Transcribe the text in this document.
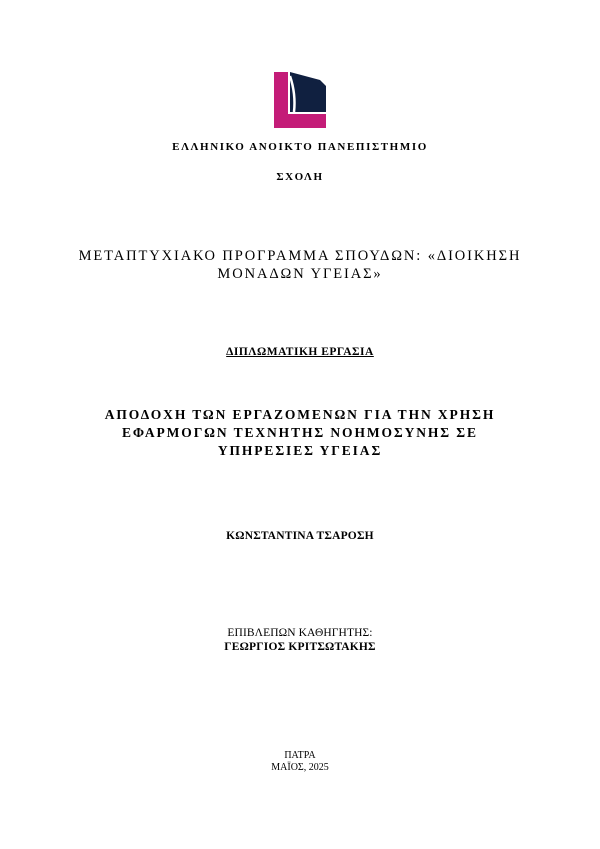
ΕΛΛΗΝΙΚΟ ΑΝΟΙΚΤΟ ΠΑΝΕΠΙΣΤΗΜΙΟ
ΣΧΟΛΗ
ΜΕΤΑΠΤΥΧΙΑΚΟ ΠΡΟΓΡΑΜΜΑ ΣΠΟΥΔΩΝ: «ΔΙΟΙΚΗΣΗ
ΜΟΝΑΔΩΝ ΥΓΕΙΑΣ»
ΔΙΠΛΩΜΑΤΙΚΗ ΕΡΓΑΣΙΑ
ΑΠΟΔΟΧΗ ΤΩΝ ΕΡΓΑΖΟΜΕΝΩΝ ΓΙΑ ΤΗΝ ΧΡΗΣΗ
ΕΦΑΡΜΟΓΩΝ ΤΕΧΝΗΤΗΣ ΝΟΗΜΟΣΥΝΗΣ ΣΕ
ΥΠΗΡΕΣΙΕΣ ΥΓΕΙΑΣ
ΚΩΝΣΤΑΝΤΙΝΑ ΤΣΑΡΟΣΗ
ΕΠΙΒΛΕΠΩΝ ΚΑΘΗΓΗΤΗΣ:
ΓΕΩΡΓΙΟΣ ΚΡΙΤΣΩΤΑΚΗΣ
ΠΑΤΡΑ
ΜΑΪΟΣ, 2025
